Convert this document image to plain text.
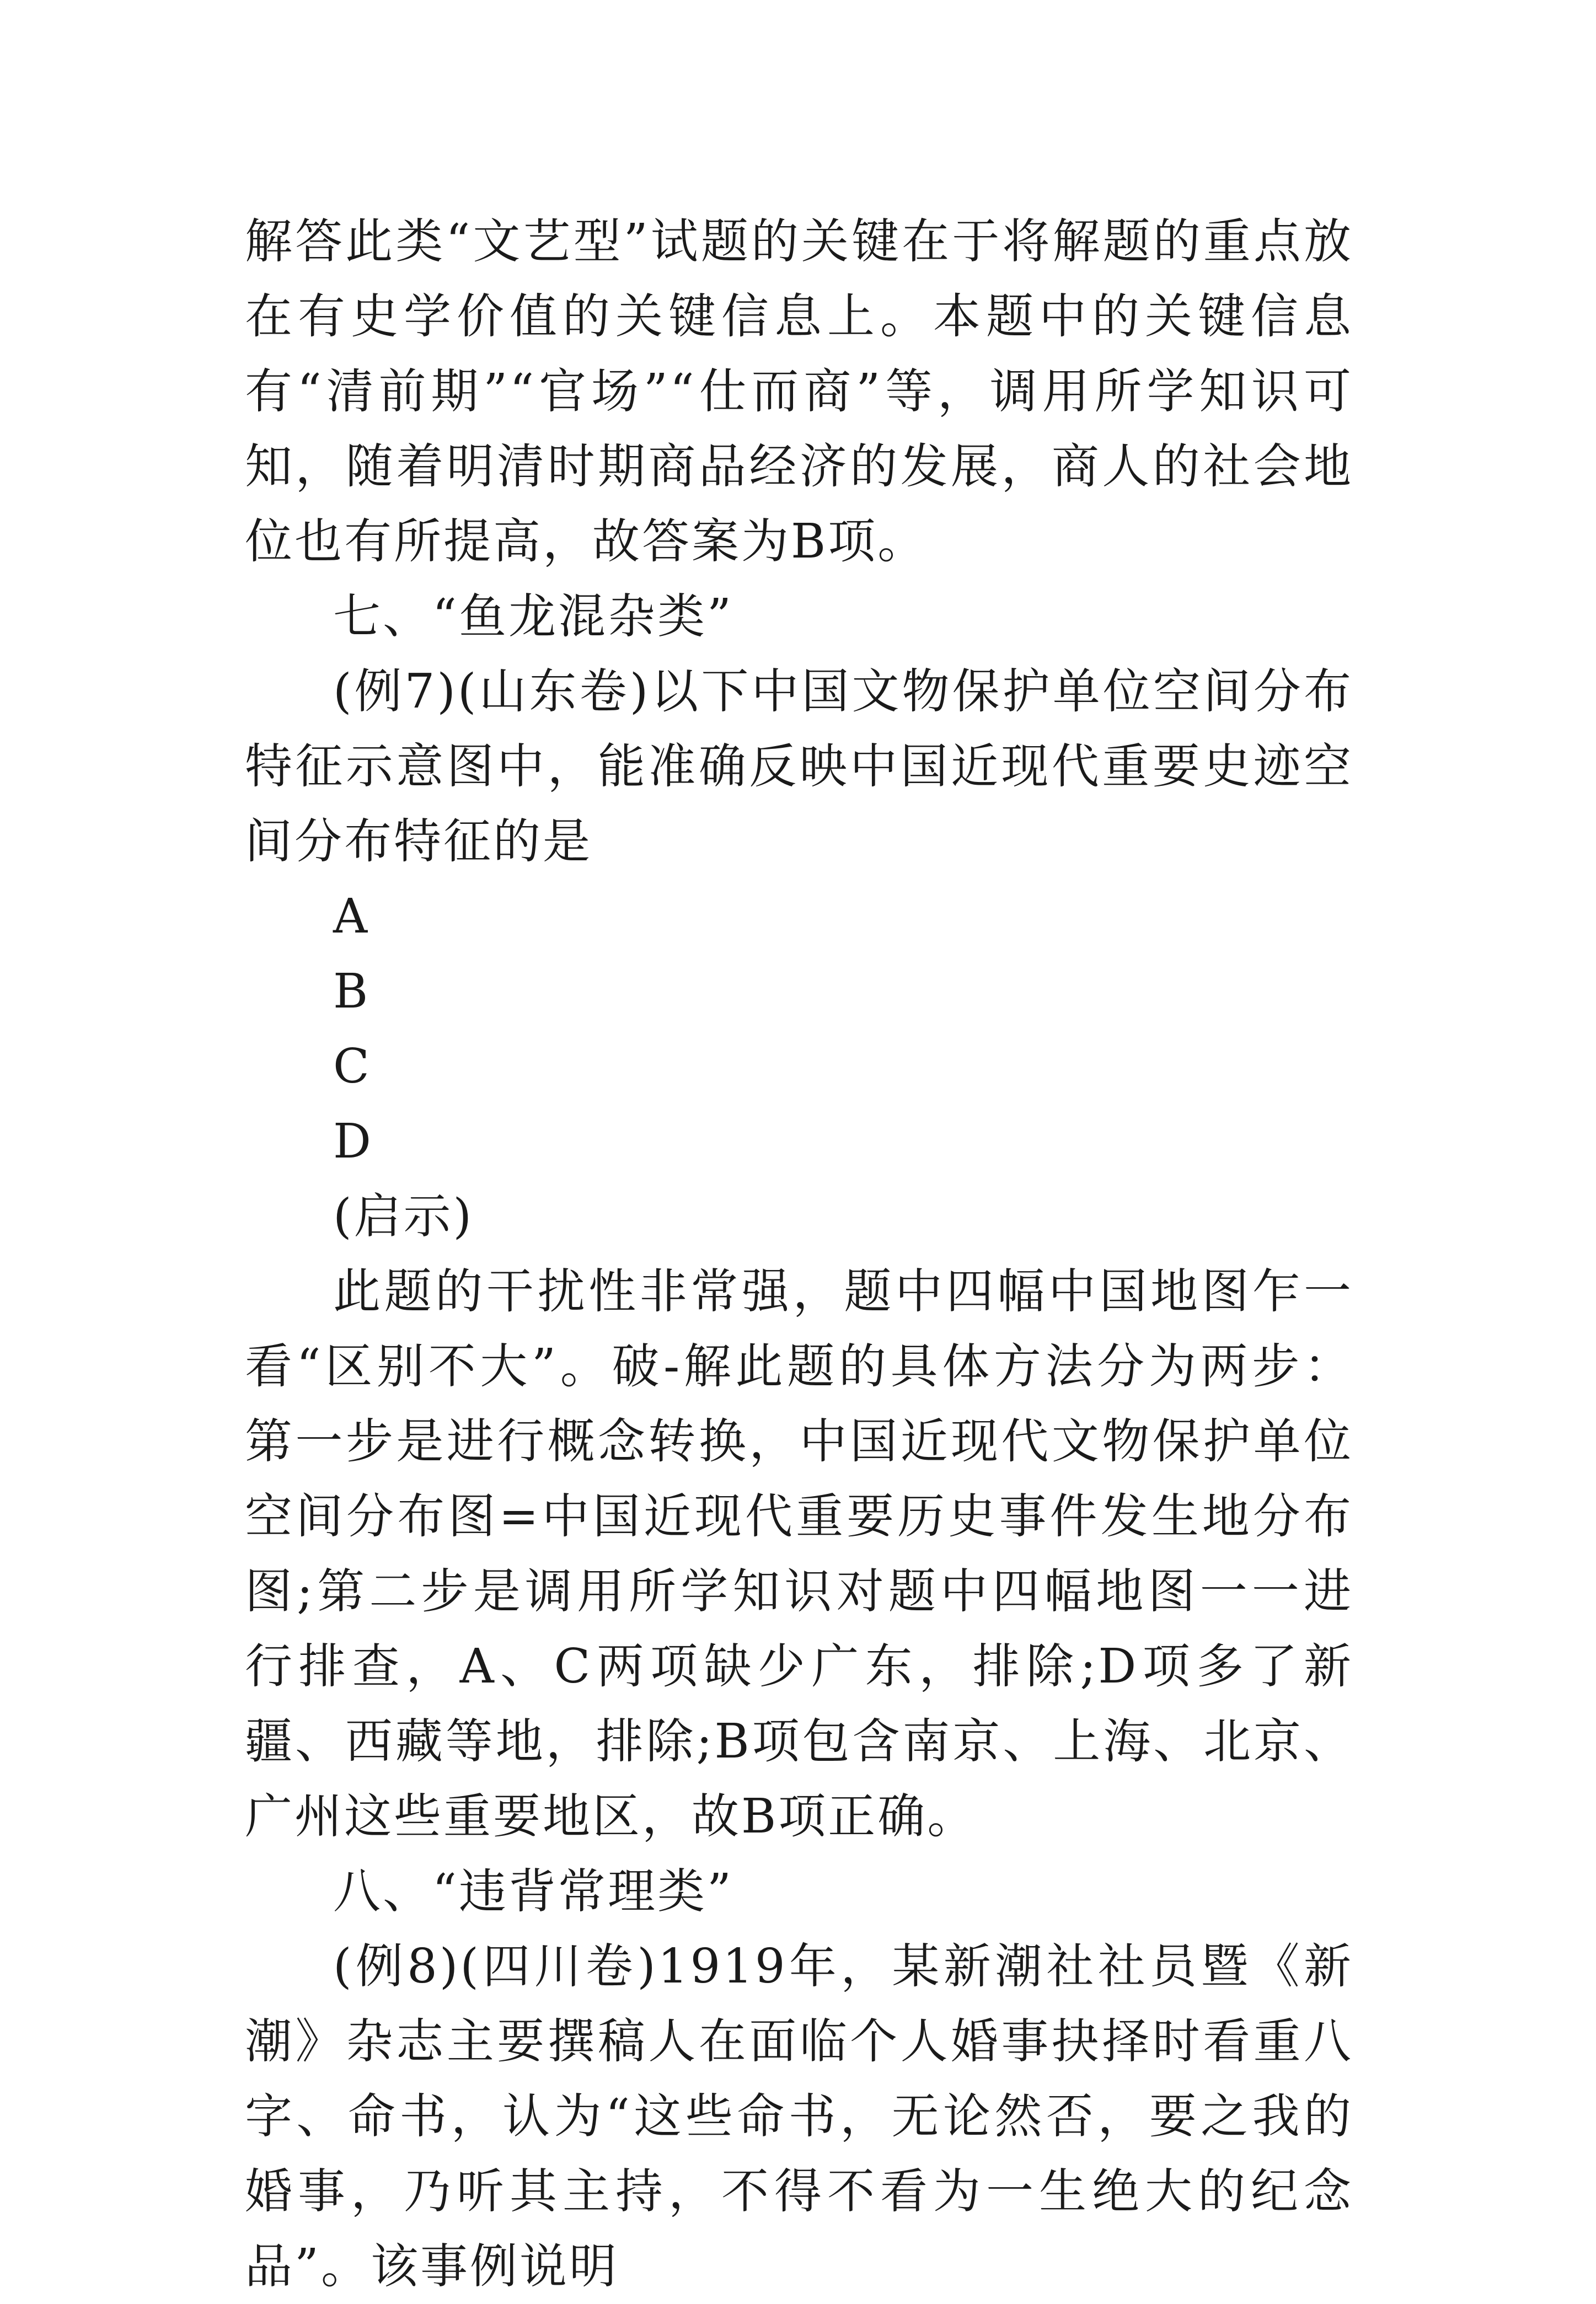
解答此类“文艺型”试题的关键在于将解题的重点放在有史学价值的关键信息上。本题中的关键信息有“清前期”“官场”“仕而商”等，调用所学知识可知，随着明清时期商品经济的发展，商人的社会地位也有所提高，故答案为B项。

七、“鱼龙混杂类”

(例7)(山东卷)以下中国文物保护单位空间分布特征示意图中，能准确反映中国近现代重要史迹空间分布特征的是

A

B

C

D

(启示)

此题的干扰性非常强，题中四幅中国地图乍一看“区别不大”。破-解此题的具体方法分为两步：第一步是进行概念转换，中国近现代文物保护单位空间分布图=中国近现代重要历史事件发生地分布图;第二步是调用所学知识对题中四幅地图一一进行排查，A、C两项缺少广东，排除;D项多了新疆、西藏等地，排除;B项包含南京、上海、北京、广州这些重要地区，故B项正确。

八、“违背常理类”

(例8)(四川卷)1919年，某新潮社社员暨《新潮》杂志主要撰稿人在面临个人婚事抉择时看重八字、命书，认为“这些命书，无论然否，要之我的婚事，乃听其主持，不得不看为一生绝大的纪念品”。该事例说明
